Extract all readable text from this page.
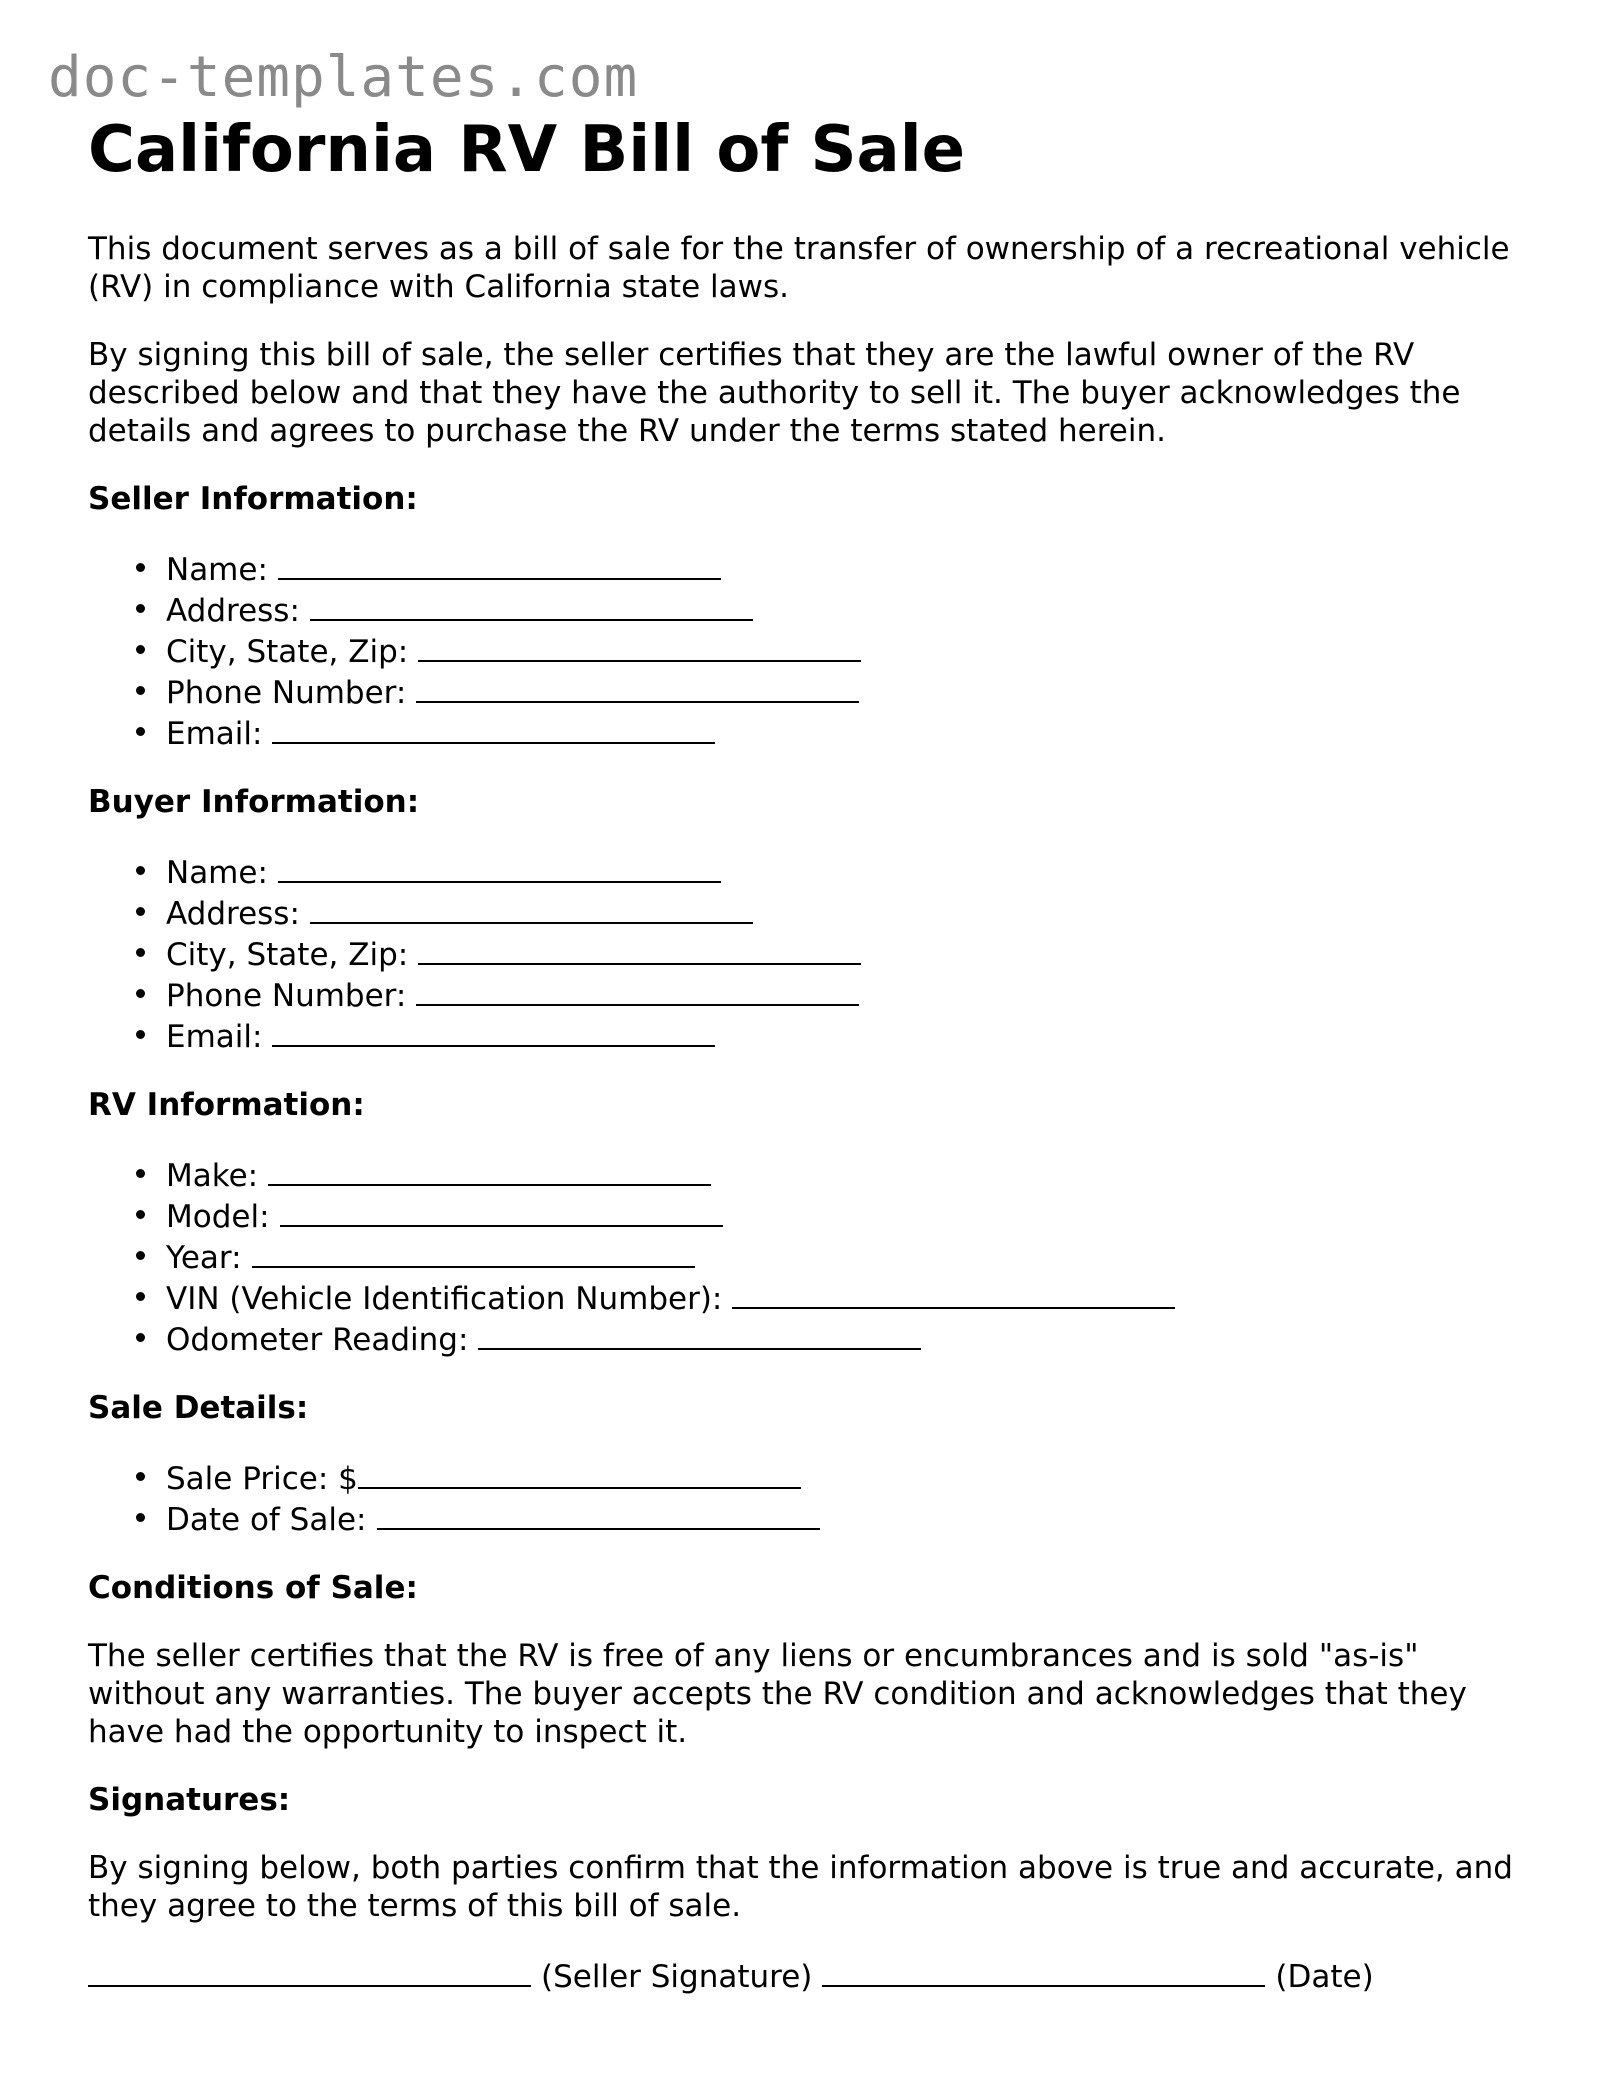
doc-templates.com
California RV Bill of Sale

This document serves as a bill of sale for the transfer of ownership of a recreational vehicle (RV) in compliance with California state laws.

By signing this bill of sale, the seller certifies that they are the lawful owner of the RV described below and that they have the authority to sell it. The buyer acknowledges the details and agrees to purchase the RV under the terms stated herein.

Seller Information:
Name:
Address:
City, State, Zip:
Phone Number:
Email:
Buyer Information:
Name:
Address:
City, State, Zip:
Phone Number:
Email:
RV Information:
Make:
Model:
Year:
VIN (Vehicle Identification Number):
Odometer Reading:
Sale Details:
Sale Price: $
Date of Sale:
Conditions of Sale:

The seller certifies that the RV is free of any liens or encumbrances and is sold "as-is" without any warranties. The buyer accepts the RV condition and acknowledges that they have had the opportunity to inspect it.

Signatures:

By signing below, both parties confirm that the information above is true and accurate, and they agree to the terms of this bill of sale.

(Seller Signature)	(Date)
